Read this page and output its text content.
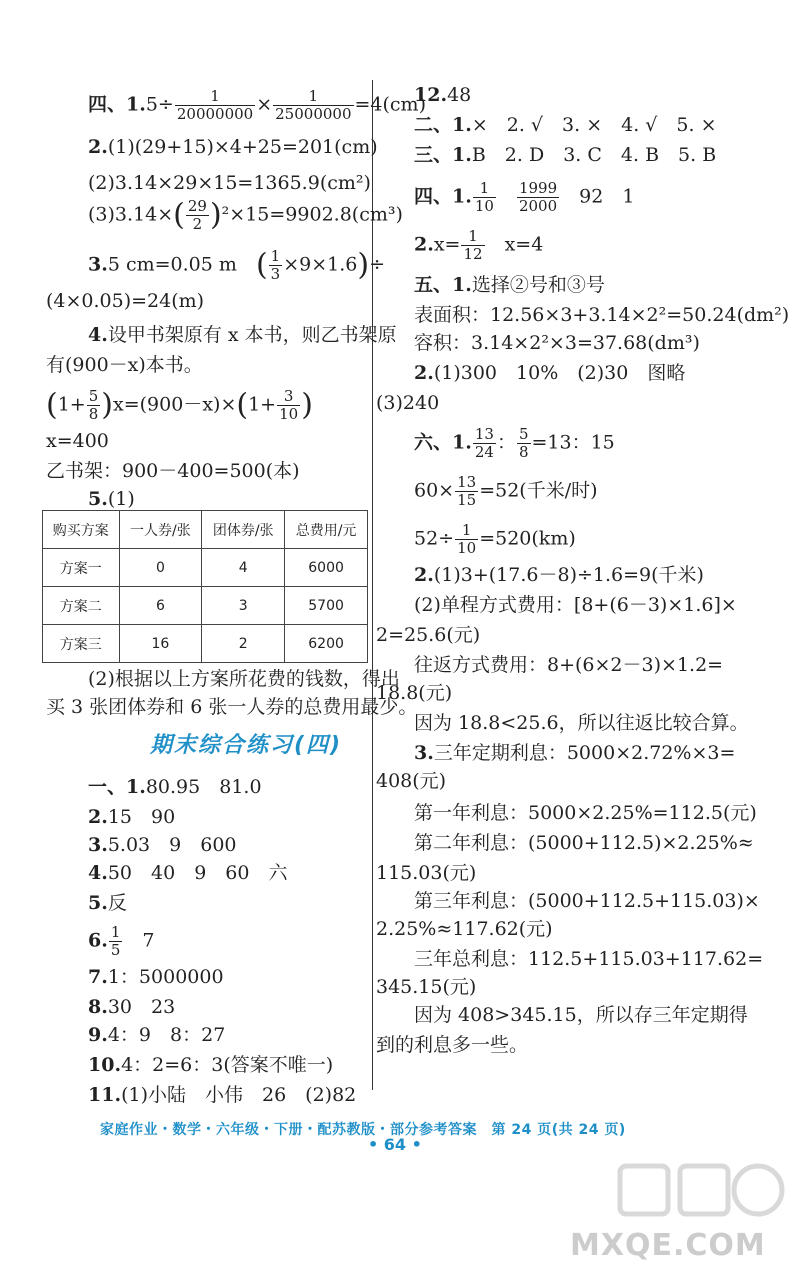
四、$1.5\div \frac{1}{20000000} \times \frac{1}{25000000} =4(cm)$
2.(1)(29+15)×4+25=201(cm)
(2)3.14×29×15=1365.9(cm²)
$(3)3.14\times( \frac{29}{2} )^2\times 15=9902.8(cm^3)$
3.5 cm=0.05 m　 ( $\frac{1}{3} \times 9\times 1.6)\div$
(4×0.05)=24(m)
4.设甲书架原有 x 本书，则乙书架原
有(900－x)本书。
$(1+ \frac{5}{8} )x=(900-x)\times(1+ \frac{3}{10}$ )
x=400
乙书架：900－400=500(本)
5.(1)
购买方案	一人券/张	团体券/张	总费用/元
方案一	0	4	6000
方案二	6	3	5700
方案三	16	2	6200
(2)根据以上方案所花费的钱数，得出
买 3 张团体券和 6 张一人券的总费用最少。
期末综合练习(四)
一、1.80.95　81.0
2.15　90
3.5.03　9　600
4.50　40　9　60　六
5.反
6. $\frac{1}{5}$
　 7
7.1：5000000
8.30　23
9.4：9　8：27
10.4：2=6：3(答案不唯一)
11.(1)小陆　小伟　26　(2)82
12.48
二、1.×　2. √　3. ×　4. √　5. ×
三、1.B　2. D　3. C　4. B　5. B
四、1. $\frac{1}{10}$
　 $\frac{1999}{2000}$
　 92　1
$2.x= \frac{1}{12}$
　 x=4
五、1.选择②号和③号
表面积：12.56×3+3.14×2²=50.24(dm²)
容积：3.14×2²×3=37.68(dm³)
2.(1)300　10%　(2)30　图略
(3)240
六、1. $\frac{13}{24}$ ： $\frac{5}{8} =13$：15
$60\times \frac{13}{15} =52$(千米/时)
$52\div \frac{1}{10} =520(km)$
2.(1)3+(17.6－8)÷1.6=9(千米)
(2)单程方式费用：[8+(6－3)×1.6]×
2=25.6(元)
往返方式费用：8+(6×2－3)×1.2=
18.8(元)
因为 18.8<25.6，所以往返比较合算。
3.三年定期利息：5000×2.72%×3=
408(元)
第一年利息：5000×2.25%=112.5(元)
第二年利息：(5000+112.5)×2.25%≈
115.03(元)
第三年利息：(5000+112.5+115.03)×
2.25%≈117.62(元)
三年总利息：112.5+115.03+117.62=
345.15(元)
因为 408>345.15，所以存三年定期得
到的利息多一些。
家庭作业・数学・六年级・下册・配苏教版・部分参考答案　第 24 页(共 24 页)
• 64 •
MXQE.COM
